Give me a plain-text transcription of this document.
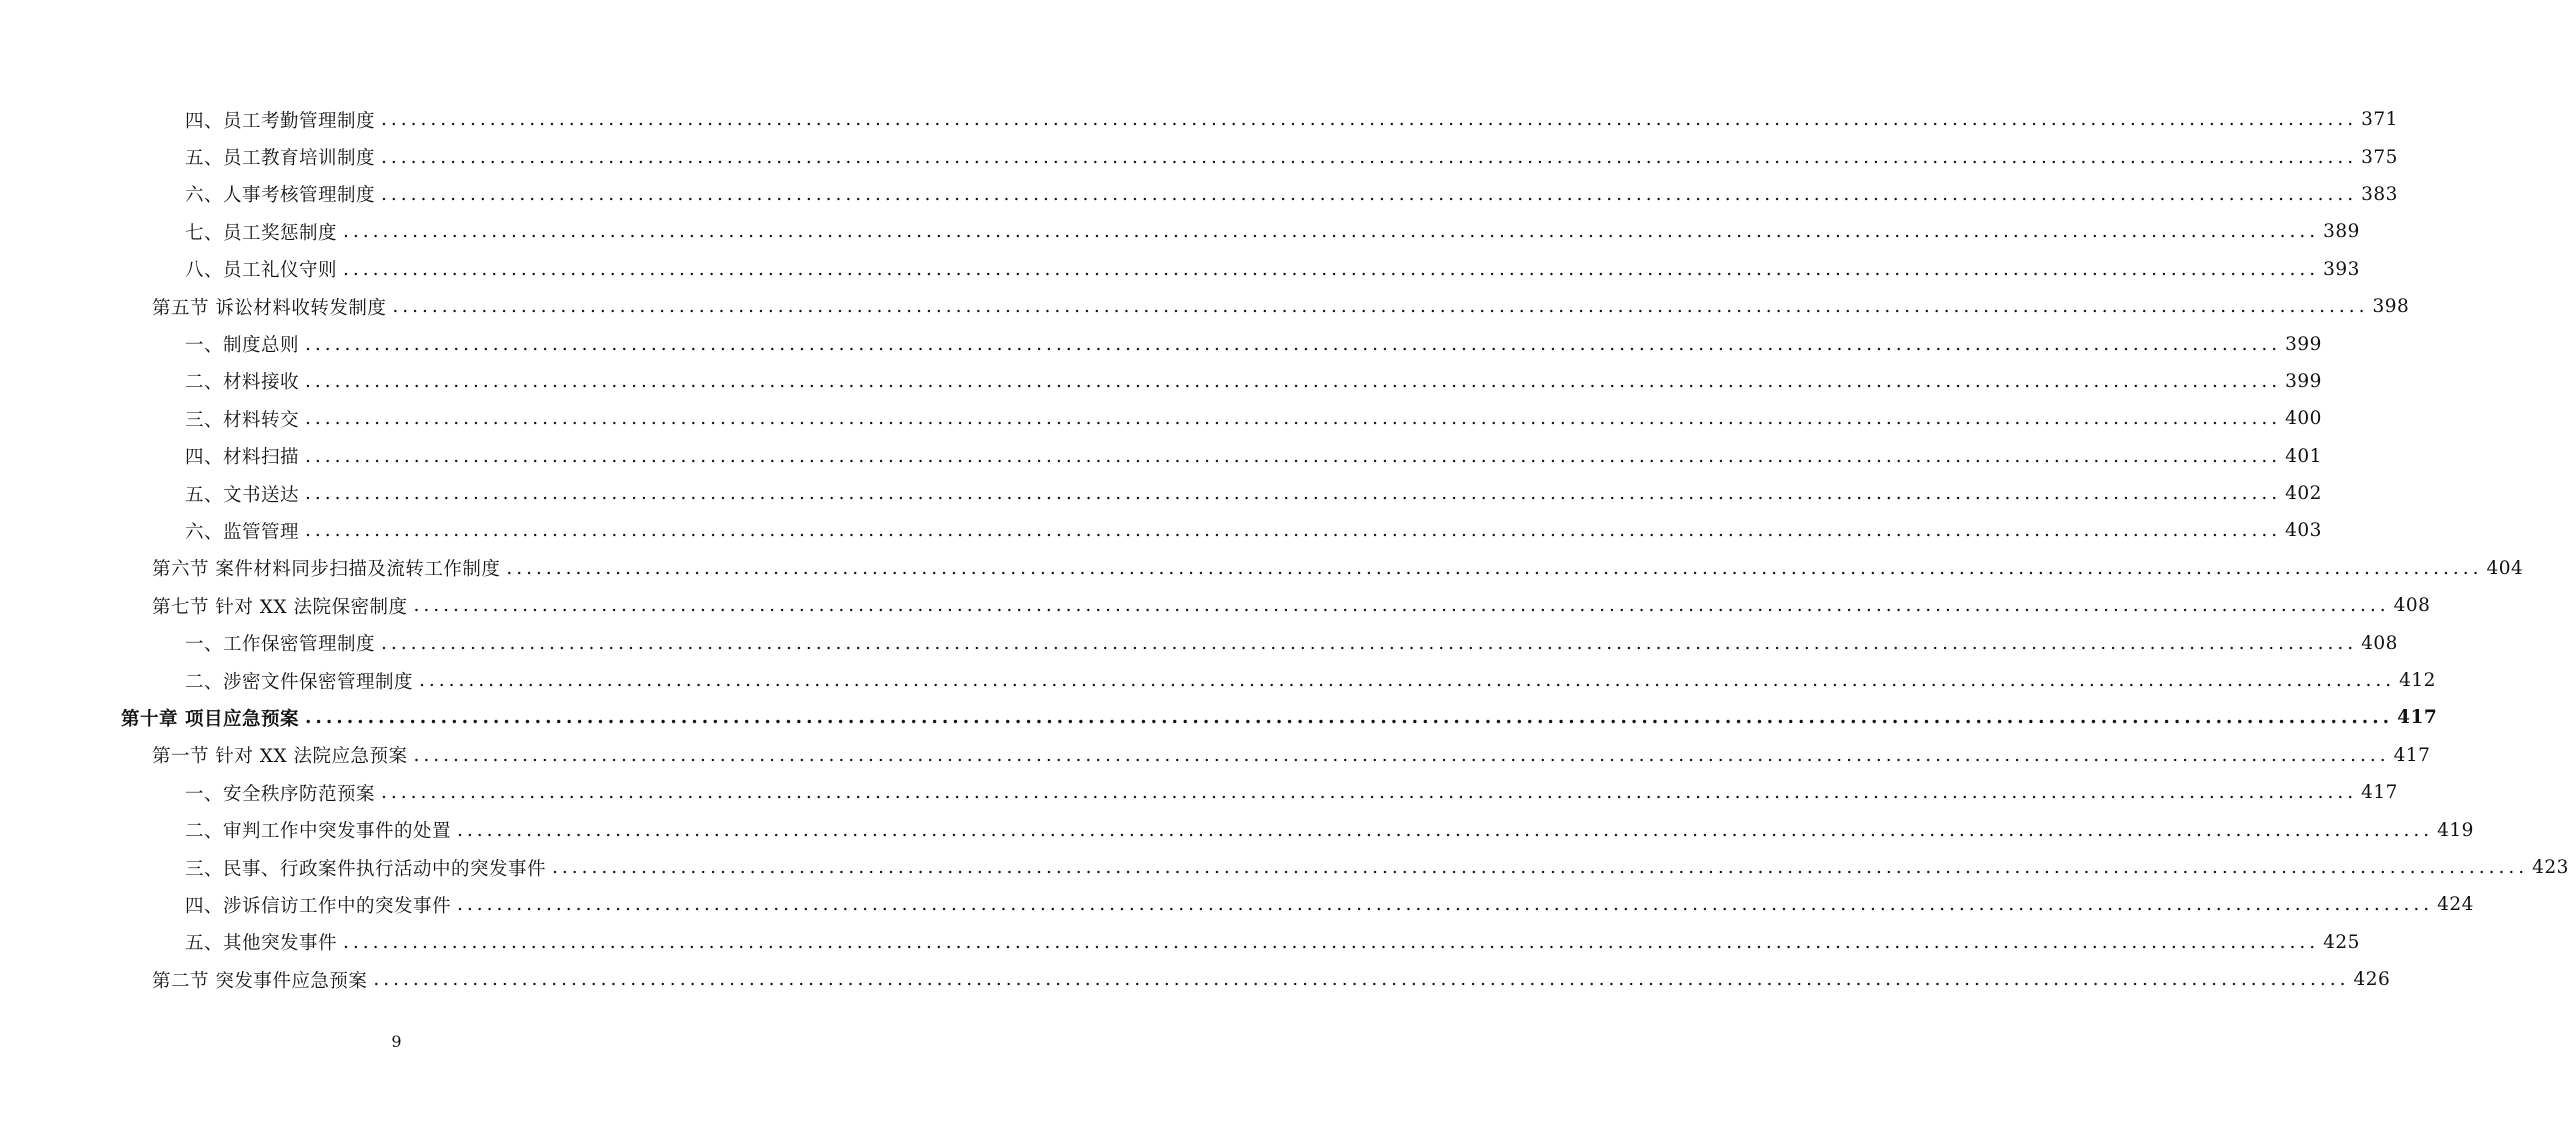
四、员工考勤管理制度 ........................................................................................................................................................................................................ 371
五、员工教育培训制度 ........................................................................................................................................................................................................ 375
六、人事考核管理制度 ........................................................................................................................................................................................................ 383
七、员工奖惩制度 ........................................................................................................................................................................................................ 389
八、员工礼仪守则 ........................................................................................................................................................................................................ 393
第五节 诉讼材料收转发制度 ........................................................................................................................................................................................................ 398
一、制度总则 ........................................................................................................................................................................................................ 399
二、材料接收 ........................................................................................................................................................................................................ 399
三、材料转交 ........................................................................................................................................................................................................ 400
四、材料扫描 ........................................................................................................................................................................................................ 401
五、文书送达 ........................................................................................................................................................................................................ 402
六、监管管理 ........................................................................................................................................................................................................ 403
第六节 案件材料同步扫描及流转工作制度 ........................................................................................................................................................................................................ 404
第七节 针对 XX 法院保密制度 ........................................................................................................................................................................................................ 408
一、工作保密管理制度 ........................................................................................................................................................................................................ 408
二、涉密文件保密管理制度 ........................................................................................................................................................................................................ 412
第十章 项目应急预案 ........................................................................................................................................................................................................ 417
第一节 针对 XX 法院应急预案 ........................................................................................................................................................................................................ 417
一、安全秩序防范预案 ........................................................................................................................................................................................................ 417
二、审判工作中突发事件的处置 ........................................................................................................................................................................................................ 419
三、民事、行政案件执行活动中的突发事件 ........................................................................................................................................................................................................ 423
四、涉诉信访工作中的突发事件 ........................................................................................................................................................................................................ 424
五、其他突发事件 ........................................................................................................................................................................................................ 425
第二节 突发事件应急预案 ........................................................................................................................................................................................................ 426
9
